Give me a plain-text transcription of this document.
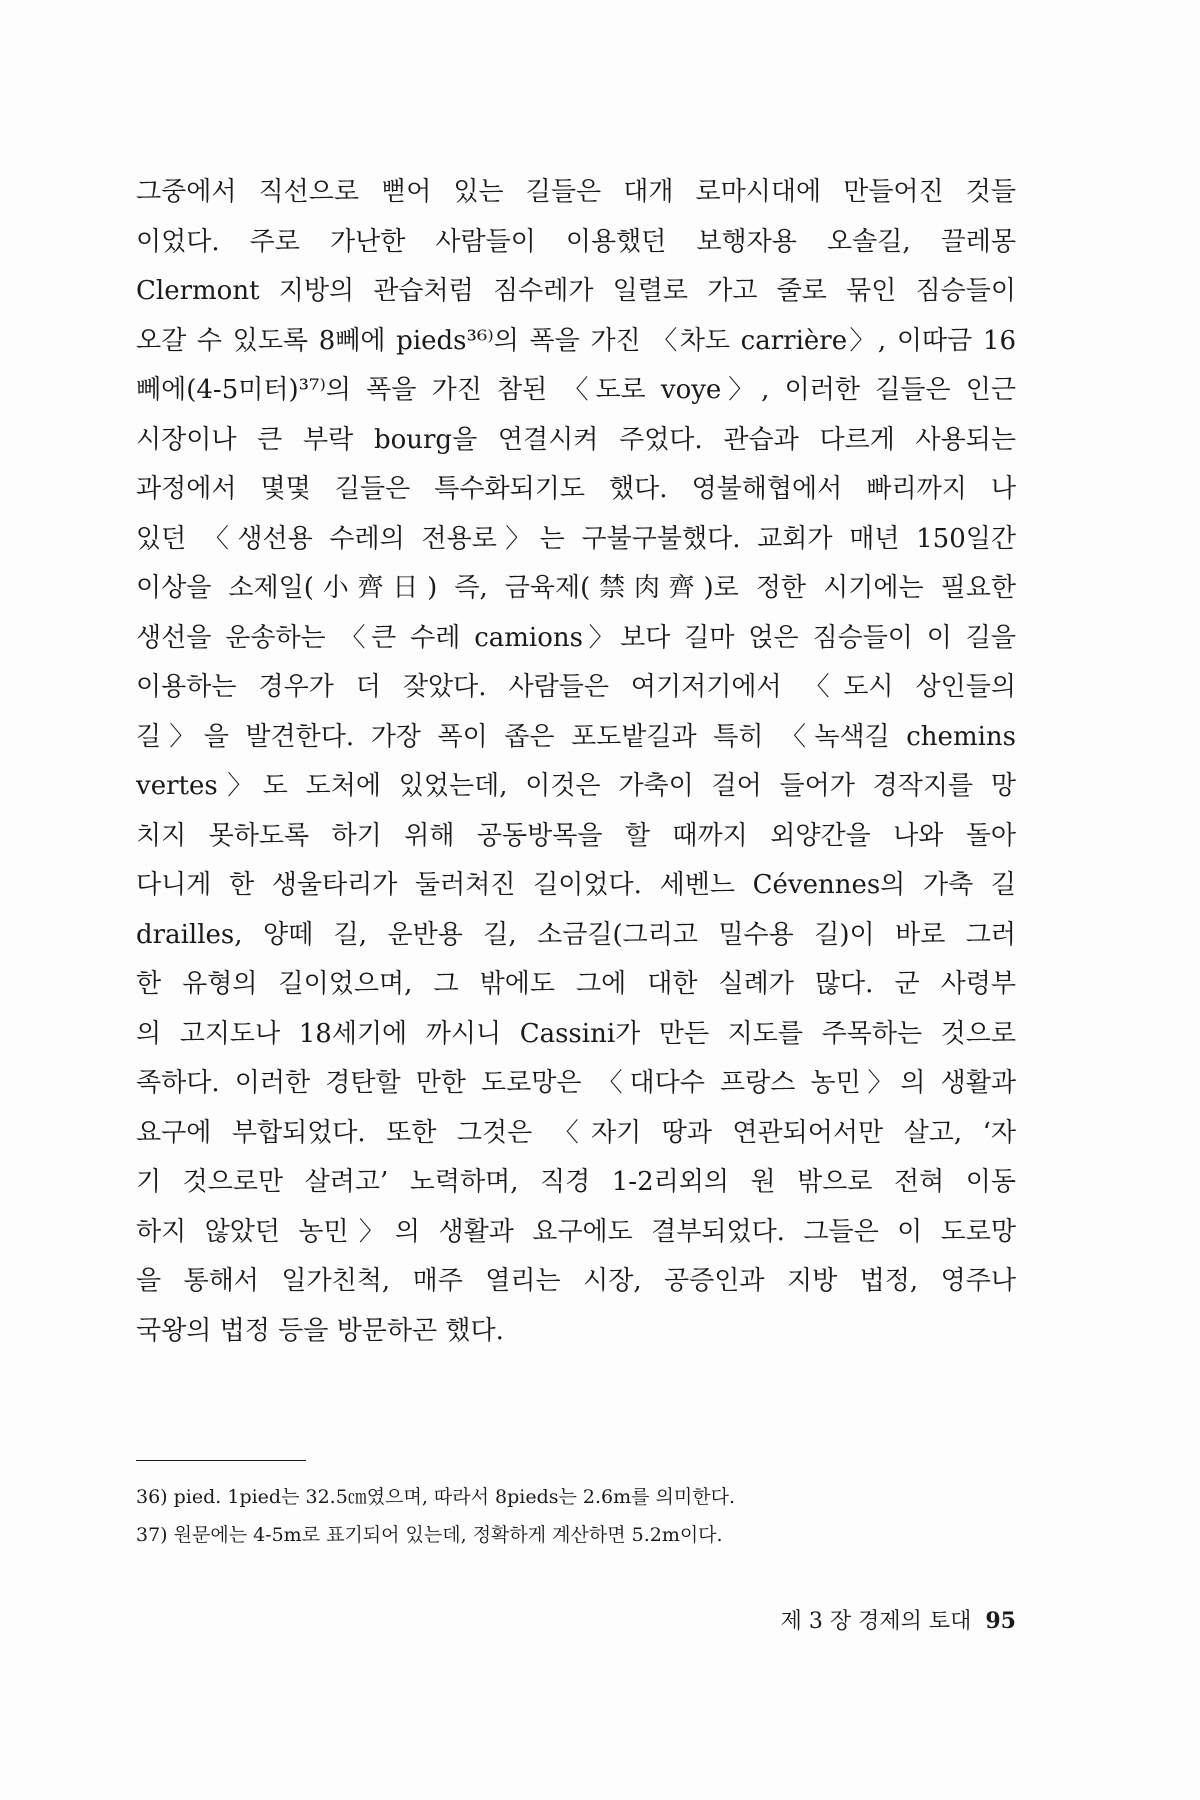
그중에서 직선으로 뻗어 있는 길들은 대개 로마시대에 만들어진 것들
이었다. 주로 가난한 사람들이 이용했던 보행자용 오솔길, 끌레몽
Clermont 지방의 관습처럼 짐수레가 일렬로 가고 줄로 묶인 짐승들이
오갈 수 있도록 8뻬에 pieds³⁶⁾의 폭을 가진 〈차도 carrière〉, 이따금 16
뻬에(4-5미터)³⁷⁾의 폭을 가진 참된 〈도로 voye〉, 이러한 길들은 인근
시장이나 큰 부락 bourg을 연결시켜 주었다. 관습과 다르게 사용되는
과정에서 몇몇 길들은 특수화되기도 했다. 영불해협에서 빠리까지 나
있던 〈생선용 수레의 전용로〉는 구불구불했다. 교회가 매년 150일간
이상을 소제일(小齊日) 즉, 금육제(禁肉齊)로 정한 시기에는 필요한
생선을 운송하는 〈큰 수레 camions〉보다 길마 얹은 짐승들이 이 길을
이용하는 경우가 더 잦았다. 사람들은 여기저기에서 〈도시 상인들의
길〉을 발견한다. 가장 폭이 좁은 포도밭길과 특히 〈녹색길 chemins
vertes〉도 도처에 있었는데, 이것은 가축이 걸어 들어가 경작지를 망
치지 못하도록 하기 위해 공동방목을 할 때까지 외양간을 나와 돌아
다니게 한 생울타리가 둘러쳐진 길이었다. 세벤느 Cévennes의 가축 길
drailles, 양떼 길, 운반용 길, 소금길(그리고 밀수용 길)이 바로 그러
한 유형의 길이었으며, 그 밖에도 그에 대한 실례가 많다. 군 사령부
의 고지도나 18세기에 까시니 Cassini가 만든 지도를 주목하는 것으로
족하다. 이러한 경탄할 만한 도로망은 〈대다수 프랑스 농민〉의 생활과
요구에 부합되었다. 또한 그것은 〈자기 땅과 연관되어서만 살고, ‘자
기 것으로만 살려고’ 노력하며, 직경 1-2리외의 원 밖으로 전혀 이동
하지 않았던 농민〉의 생활과 요구에도 결부되었다. 그들은 이 도로망
을 통해서 일가친척, 매주 열리는 시장, 공증인과 지방 법정, 영주나
국왕의 법정 등을 방문하곤 했다.
36) pied. 1pied는 32.5㎝였으며, 따라서 8pieds는 2.6m를 의미한다.
37) 원문에는 4-5m로 표기되어 있는데, 정확하게 계산하면 5.2m이다.
제 3 장 경제의 토대 95
